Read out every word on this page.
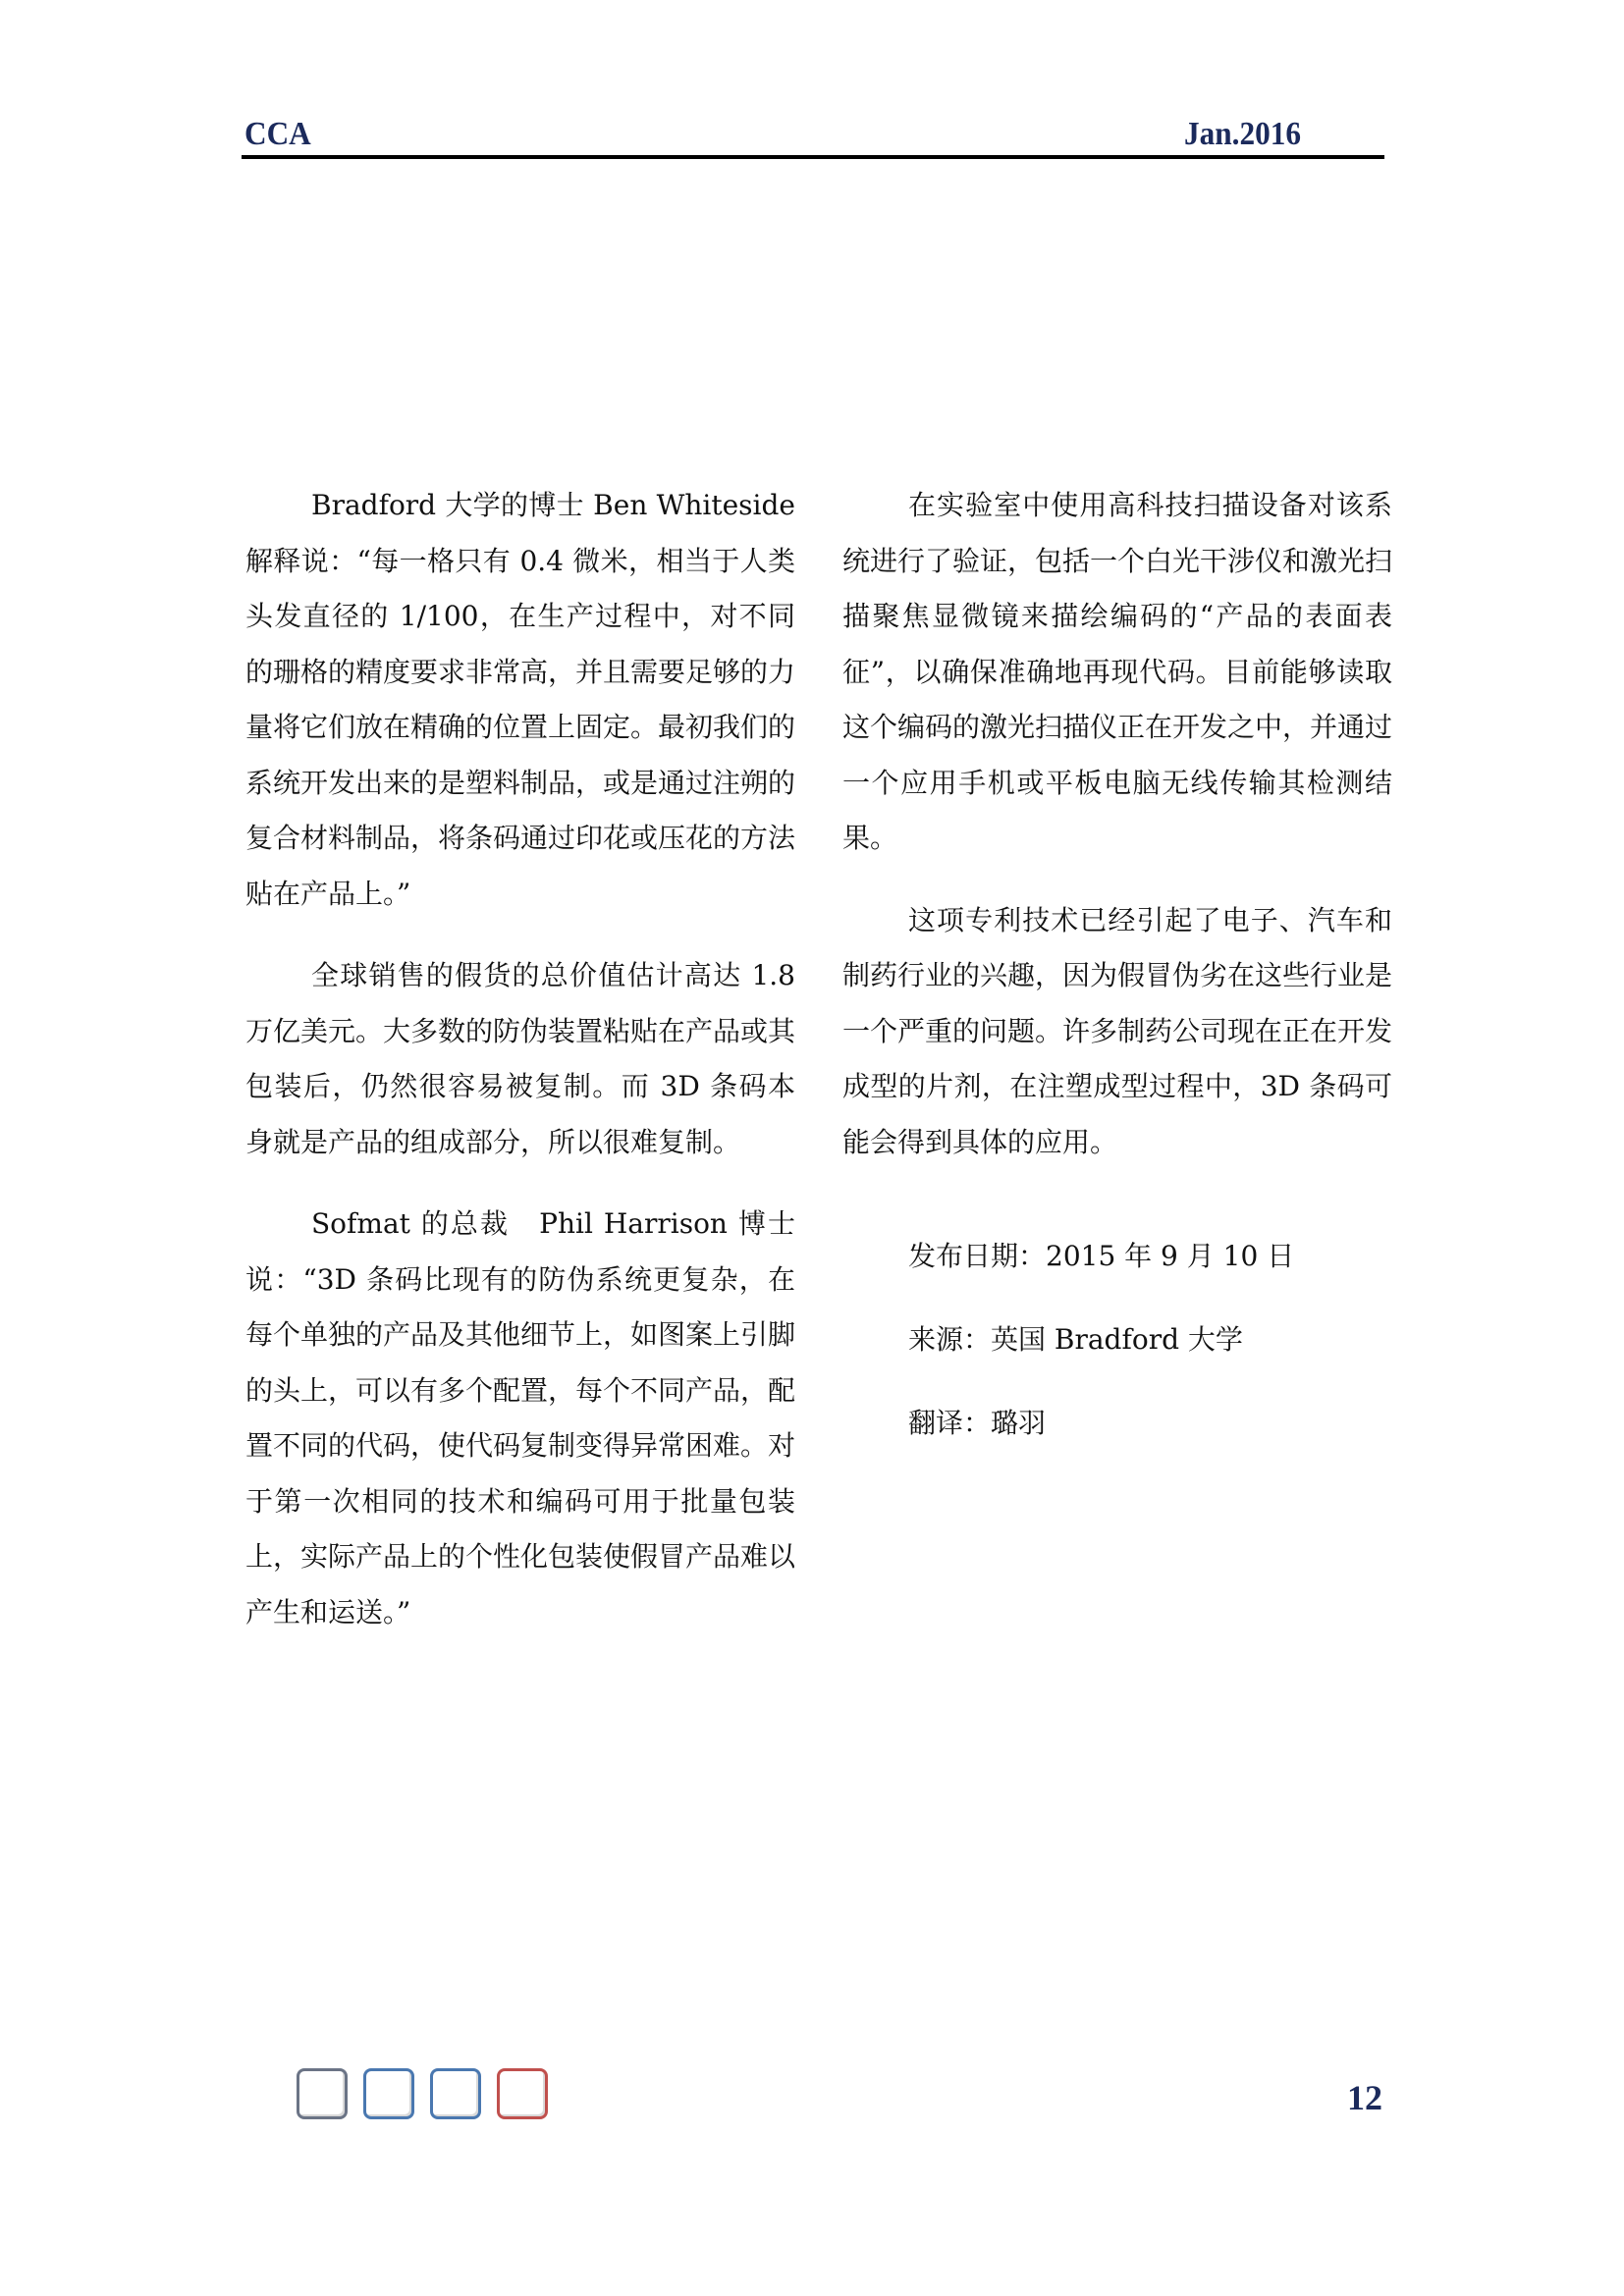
CCA	Jan.2016

Bradford 大学的博士 Ben Whiteside 解释说：“每一格只有 0.4 微米，相当于人类头发直径的 1/100，在生产过程中，对不同的珊格的精度要求非常高，并且需要足够的力量将它们放在精确的位置上固定。最初我们的系统开发出来的是塑料制品，或是通过注朔的复合材料制品，将条码通过印花或压花的方法贴在产品上。”

全球销售的假货的总价值估计高达 1.8 万亿美元。大多数的防伪装置粘贴在产品或其包装后，仍然很容易被复制。而 3D 条码本身就是产品的组成部分，所以很难复制。

Sofmat 的总裁　Phil Harrison 博士说：“3D 条码比现有的防伪系统更复杂，在每个单独的产品及其他细节上，如图案上引脚的头上，可以有多个配置，每个不同产品，配置不同的代码，使代码复制变得异常困难。对于第一次相同的技术和编码可用于批量包装上，实际产品上的个性化包装使假冒产品难以产生和运送。”

在实验室中使用高科技扫描设备对该系统进行了验证，包括一个白光干涉仪和激光扫描聚焦显微镜来描绘编码的“产品的表面表征”，以确保准确地再现代码。目前能够读取这个编码的激光扫描仪正在开发之中，并通过一个应用手机或平板电脑无线传输其检测结果。

这项专利技术已经引起了电子、汽车和制药行业的兴趣，因为假冒伪劣在这些行业是一个严重的问题。许多制药公司现在正在开发成型的片剂，在注塑成型过程中，3D 条码可能会得到具体的应用。

发布日期：2015 年 9 月 10 日

来源：英国 Bradford 大学

翻译：璐羽

12
